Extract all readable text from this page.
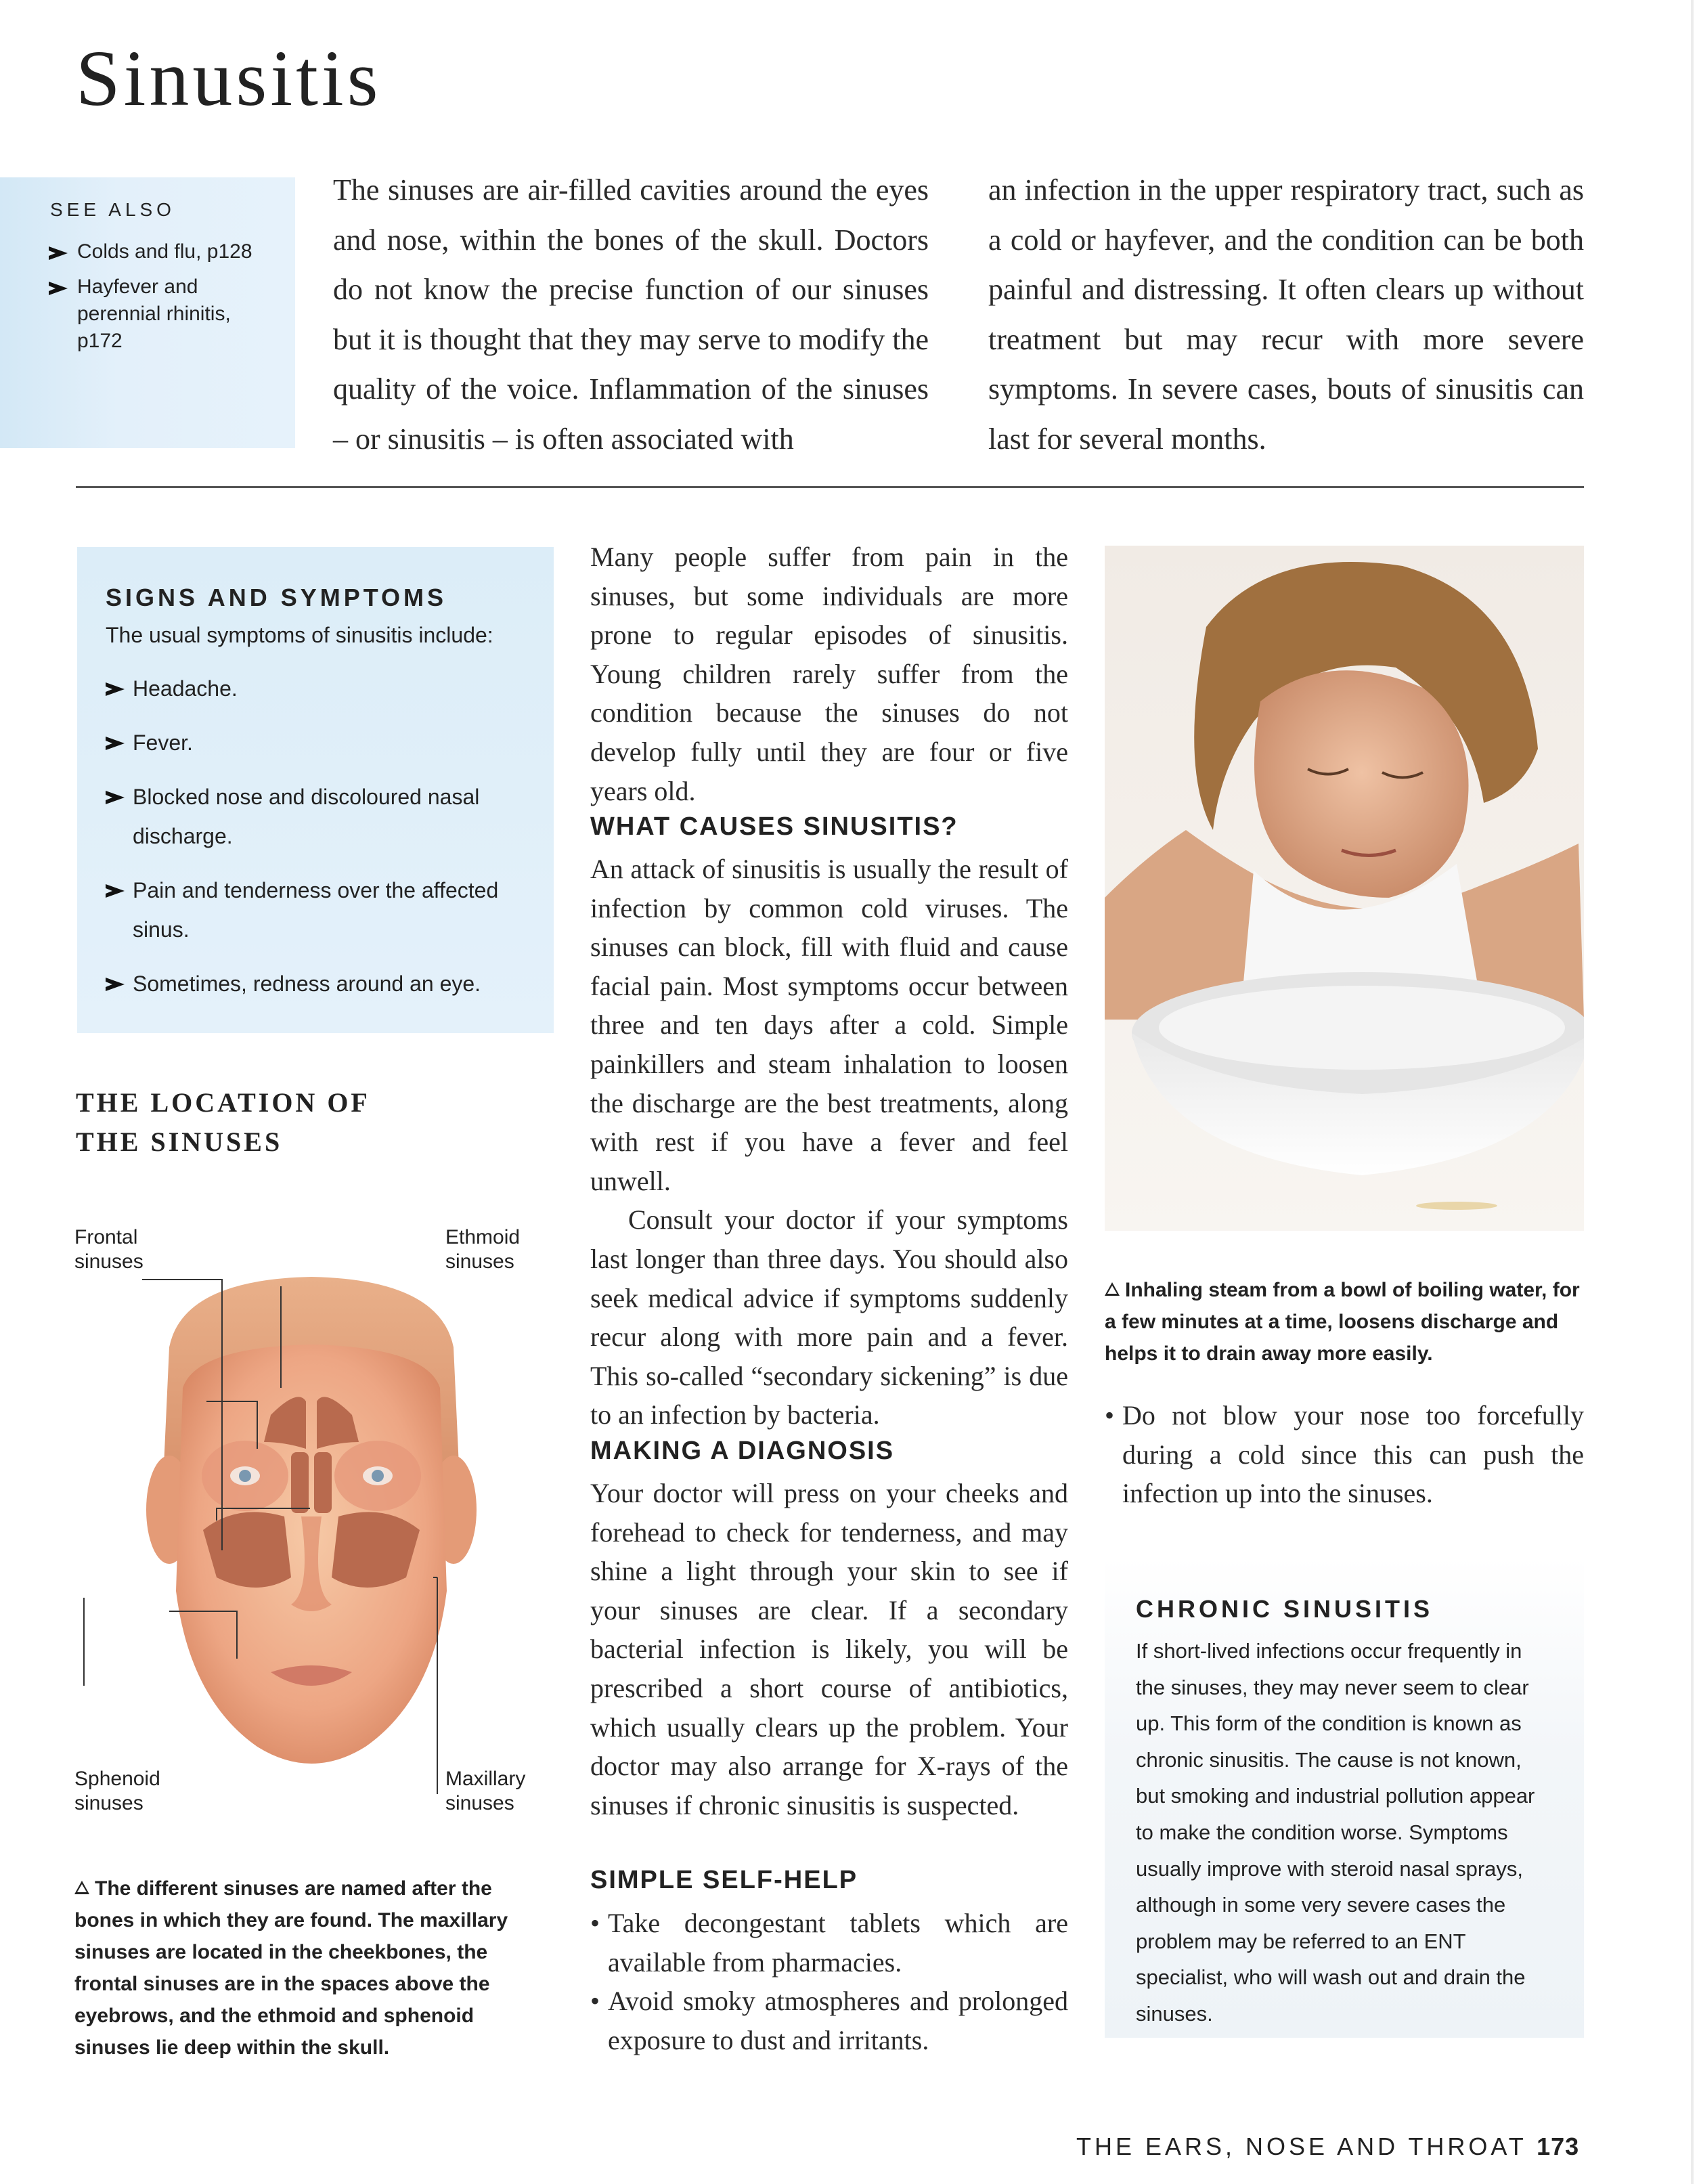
Sinusitis
SEE ALSO
Colds and flu, p128
Hayfever and perennial rhinitis, p172
The sinuses are air-filled cavities around the eyes and nose, within the bones of the skull. Doctors do not know the precise function of our sinuses but it is thought that they may serve to modify the quality of the voice. Inflammation of the sinuses – or sinusitis – is often associated with
an infection in the upper respiratory tract, such as a cold or hayfever, and the condition can be both painful and distressing. It often clears up without treatment but may recur with more severe symptoms. In severe cases, bouts of sinusitis can last for several months.
SIGNS AND SYMPTOMS
The usual symptoms of sinusitis include:
Headache.
Fever.
Blocked nose and discoloured nasal discharge.
Pain and tenderness over the affected sinus.
Sometimes, redness around an eye.
THE LOCATION OF
THE SINUSES
Frontal
sinuses
Ethmoid
sinuses
Sphenoid
sinuses
Maxillary
sinuses
The different sinuses are named after the bones in which they are found. The maxillary sinuses are located in the cheekbones, the frontal sinuses are in the spaces above the eyebrows, and the ethmoid and sphenoid sinuses lie deep within the skull.
Many people suffer from pain in the sinuses, but some individuals are more prone to regular episodes of sinusitis. Young children rarely suffer from the condition because the sinuses do not develop fully until they are four or five years old.
WHAT CAUSES SINUSITIS?
An attack of sinusitis is usually the result of infection by common cold viruses. The sinuses can block, fill with fluid and cause facial pain. Most symptoms occur between three and ten days after a cold. Simple painkillers and steam inhalation to loosen the discharge are the best treatments, along with rest if you have a fever and feel unwell.
Consult your doctor if your symptoms last longer than three days. You should also seek medical advice if symptoms suddenly recur along with more pain and a fever. This so-called “secondary sickening” is due to an infection by bacteria.
MAKING A DIAGNOSIS
Your doctor will press on your cheeks and forehead to check for tenderness, and may shine a light through your skin to see if your sinuses are clear. If a secondary bacterial infection is likely, you will be prescribed a short course of antibiotics, which usually clears up the problem. Your doctor may also arrange for X-rays of the sinuses if chronic sinusitis is suspected.
SIMPLE SELF-HELP
• Take decongestant tablets which are available from pharmacies.
• Avoid smoky atmospheres and prolonged exposure to dust and irritants.
Inhaling steam from a bowl of boiling water, for a few minutes at a time, loosens discharge and helps it to drain away more easily.
• Do not blow your nose too forcefully during a cold since this can push the infection up into the sinuses.
CHRONIC SINUSITIS
If short-lived infections occur frequently in the sinuses, they may never seem to clear up. This form of the condition is known as chronic sinusitis. The cause is not known, but smoking and industrial pollution appear to make the condition worse. Symptoms usually improve with steroid nasal sprays, although in some very severe cases the problem may be referred to an ENT specialist, who will wash out and drain the sinuses.
THE EARS, NOSE AND THROAT 173
